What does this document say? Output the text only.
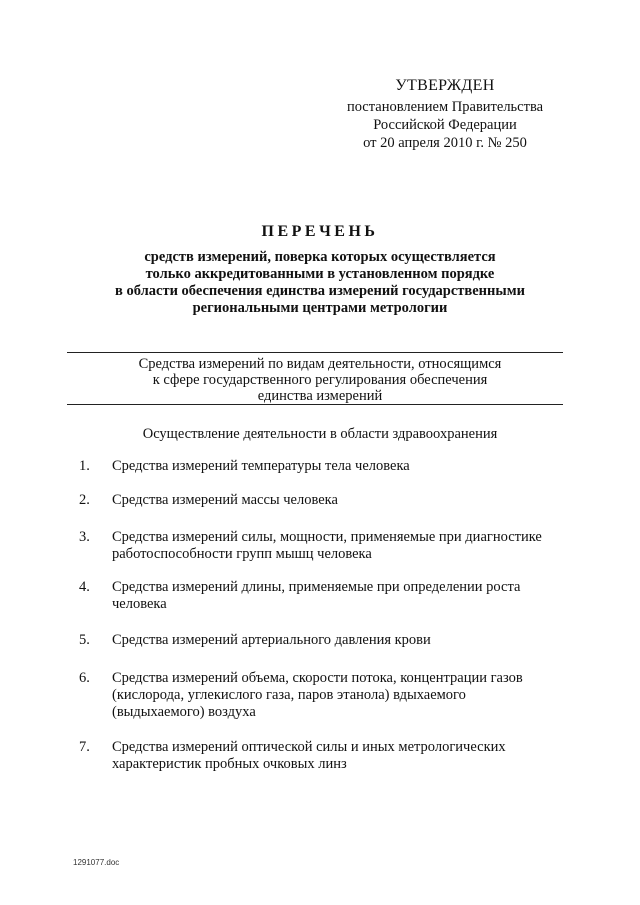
УТВЕРЖДЕН
постановлением Правительства
Российской Федерации
от 20 апреля 2010 г. № 250
ПЕРЕЧЕНЬ
средств измерений, поверка которых осуществляется
только аккредитованными в установленном порядке
в области обеспечения единства измерений государственными
региональными центрами метрологии
Средства измерений по видам деятельности, относящимся
к сфере государственного регулирования обеспечения
единства измерений
Осуществление деятельности в области здравоохранения
1.	Средства измерений температуры тела человека
2.	Средства измерений массы человека
3.	Средства измерений силы, мощности, применяемые при диагностике
работоспособности групп мышц человека
4.	Средства измерений длины, применяемые при определении роста
человека
5.	Средства измерений артериального давления крови
6.	Средства измерений объема, скорости потока, концентрации газов
(кислорода, углекислого газа, паров этанола) вдыхаемого
(выдыхаемого) воздуха
7.	Средства измерений оптической силы и иных метрологических
характеристик пробных очковых линз
1291077.doc
